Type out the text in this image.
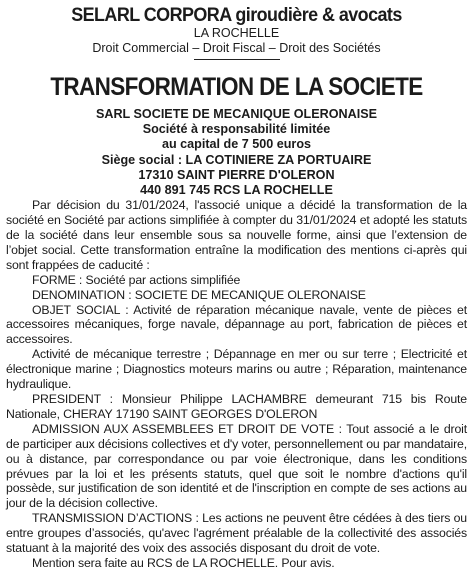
SELARL CORPORA giroudière & avocats
LA ROCHELLE
Droit Commercial – Droit Fiscal – Droit des Sociétés
TRANSFORMATION DE LA SOCIETE
SARL SOCIETE DE MECANIQUE OLERONAISE
Société à responsabilité limitée
au capital de 7 500 euros
Siège social : LA COTINIERE ZA PORTUAIRE
17310 SAINT PIERRE D'OLERON
440 891 745 RCS LA ROCHELLE

Par décision du 31/01/2024, l'associé unique a décidé la transformation de la société en Société par actions simplifiée à compter du 31/01/2024 et adopté les statuts de la société dans leur ensemble sous sa nouvelle forme, ainsi que l’extension de l’objet social. Cette transformation entraîne la modification des mentions ci-après qui sont frappées de caducité :

FORME : Société par actions simplifiée

DENOMINATION : SOCIETE DE MECANIQUE OLERONAISE

OBJET SOCIAL : Activité de réparation mécanique navale, vente de pièces et accessoires mécaniques, forge navale, dépannage au port, fabrication de pièces et accessoires.

Activité de mécanique terrestre ; Dépannage en mer ou sur terre ; Electricité et électronique marine ; Diagnostics moteurs marins ou autre ; Réparation, maintenance hydraulique.

PRESIDENT : Monsieur Philippe LACHAMBRE demeurant 715 bis Route Nationale, CHERAY 17190 SAINT GEORGES D'OLERON

ADMISSION AUX ASSEMBLEES ET DROIT DE VOTE : Tout associé a le droit de participer aux décisions collectives et d'y voter, personnellement ou par mandataire, ou à distance, par correspondance ou par voie électronique, dans les conditions prévues par la loi et les présents statuts, quel que soit le nombre d'actions qu'il possède, sur justification de son identité et de l'inscription en compte de ses actions au jour de la décision collective.

TRANSMISSION D’ACTIONS : Les actions ne peuvent être cédées à des tiers ou entre groupes d’associés, qu'avec l'agrément préalable de la collectivité des associés statuant à la majorité des voix des associés disposant du droit de vote.

Mention sera faite au RCS de LA ROCHELLE. Pour avis.
